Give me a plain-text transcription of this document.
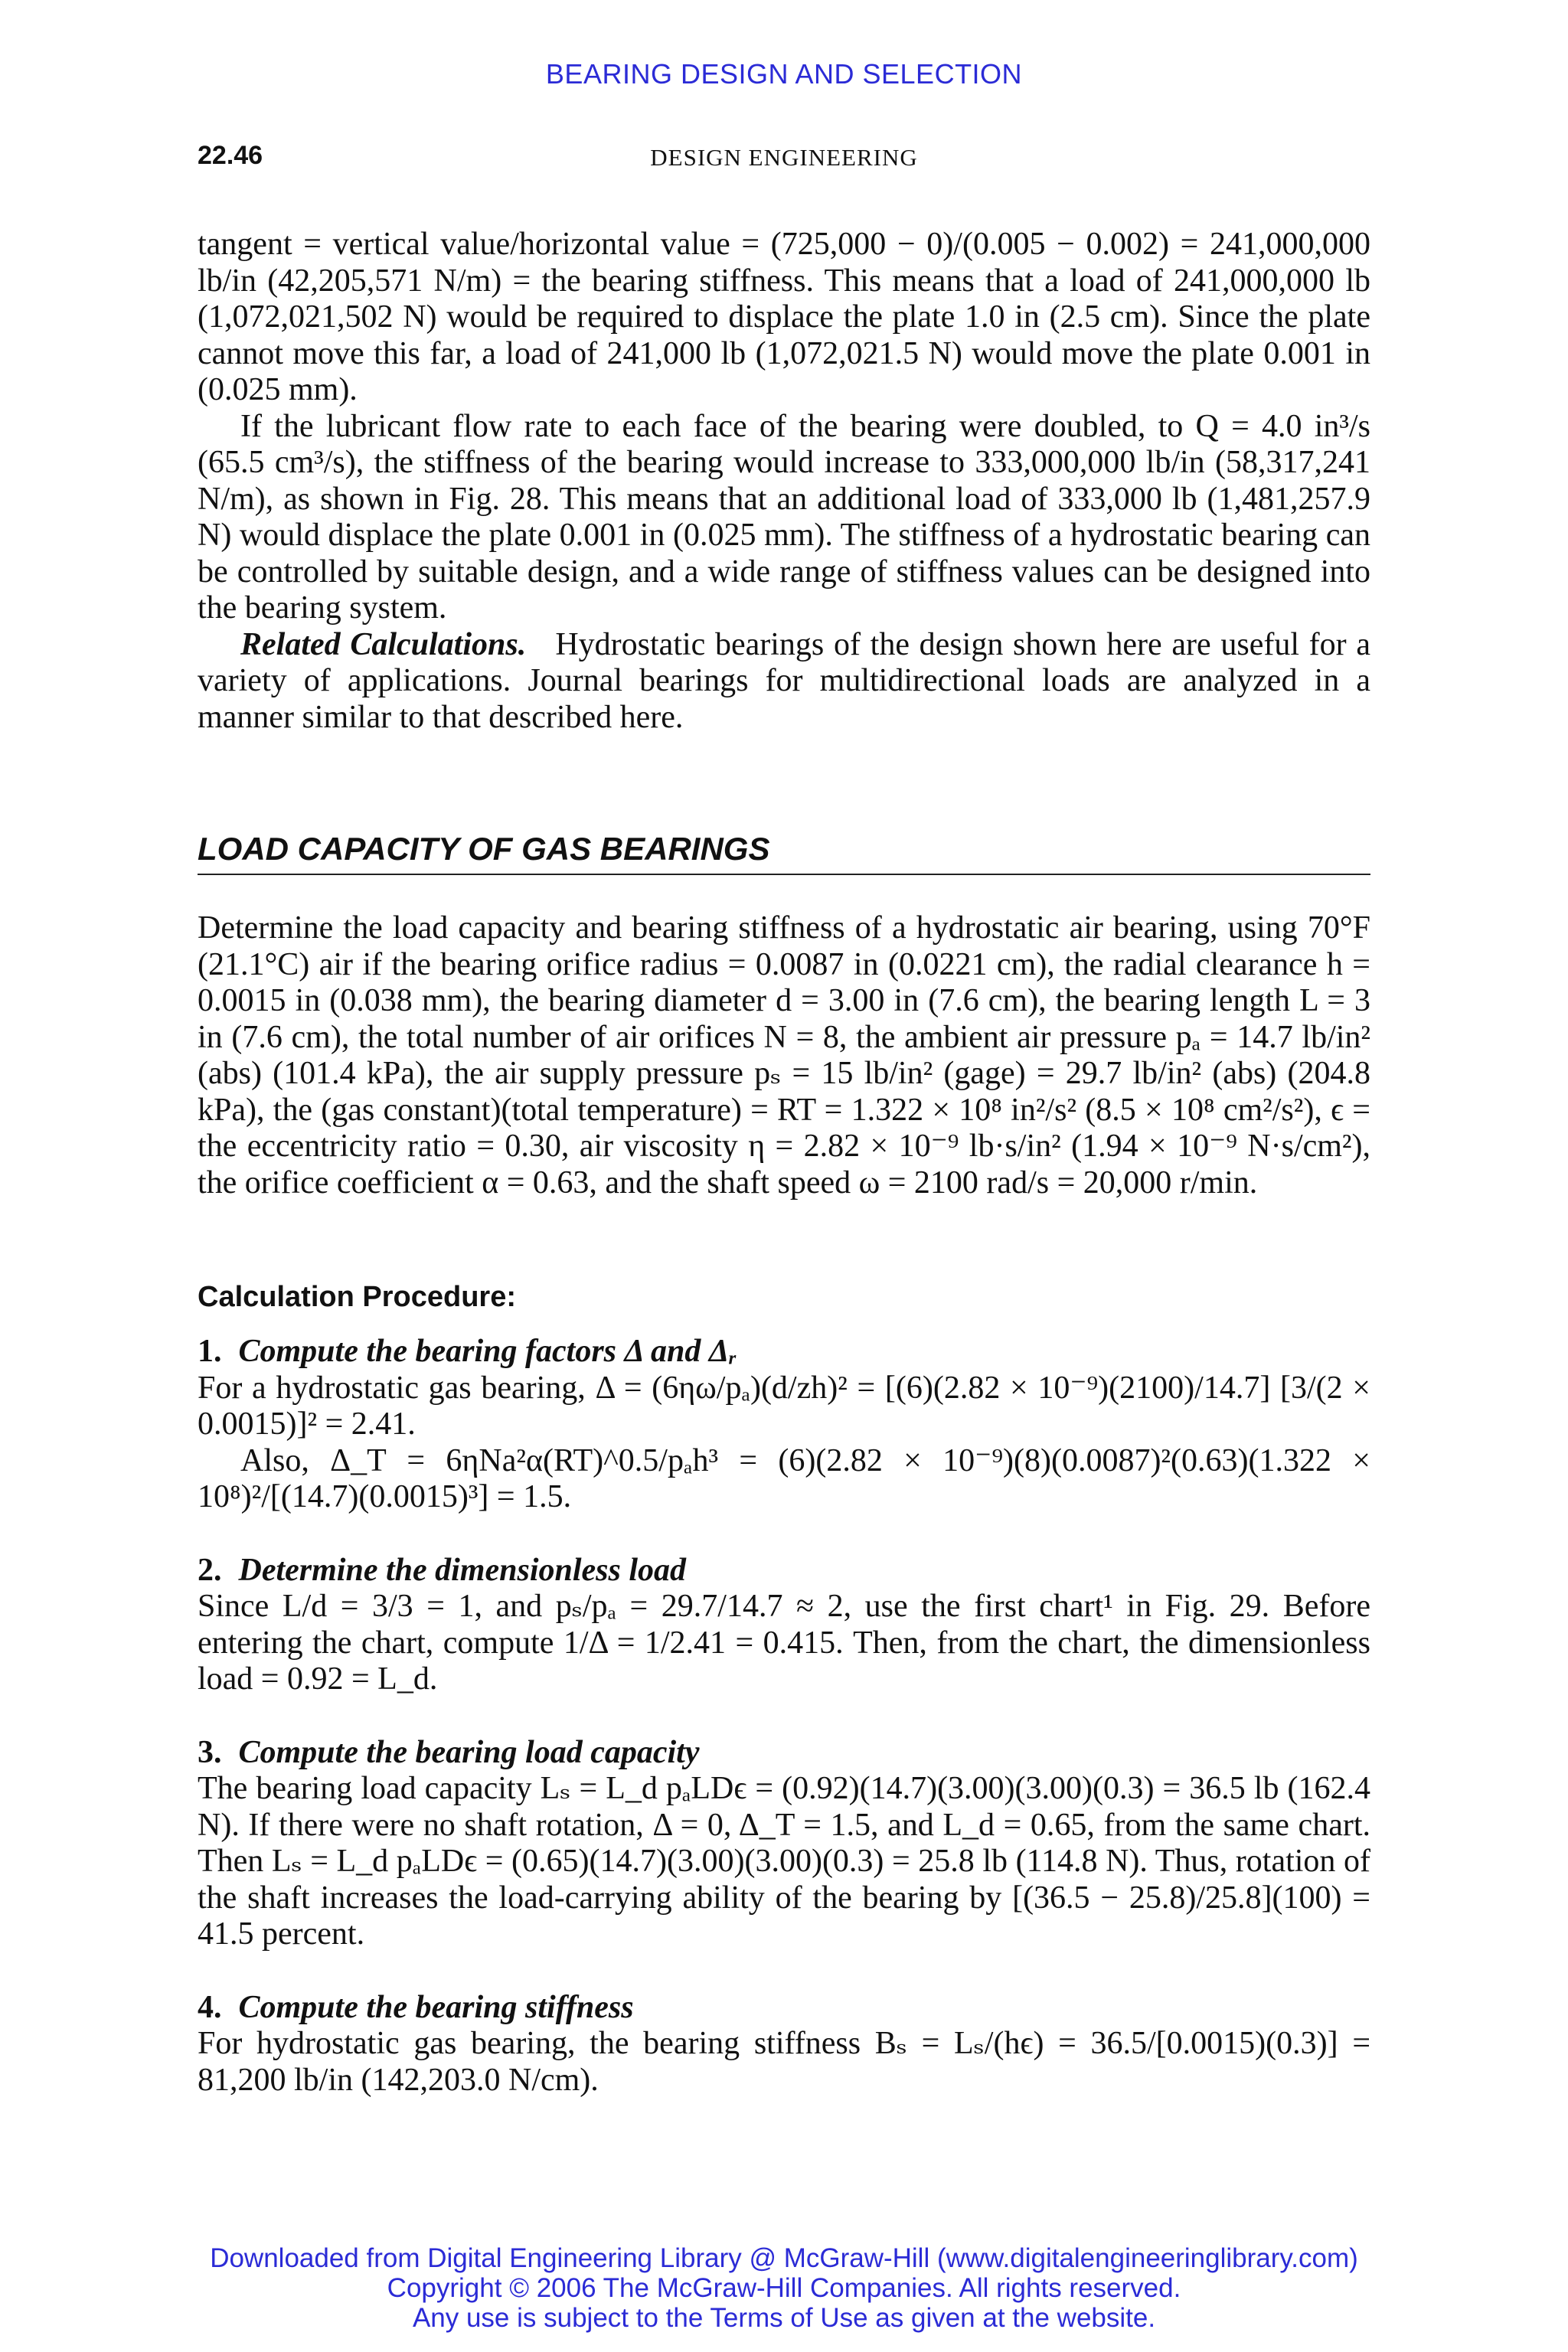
BEARING DESIGN AND SELECTION
22.46	DESIGN ENGINEERING

tangent = vertical value/horizontal value = (725,000 − 0)/(0.005 − 0.002) = 241,000,000 lb/in (42,205,571 N/m) = the bearing stiffness. This means that a load of 241,000,000 lb (1,072,021,502 N) would be required to displace the plate 1.0 in (2.5 cm). Since the plate cannot move this far, a load of 241,000 lb (1,072,021.5 N) would move the plate 0.001 in (0.025 mm).

If the lubricant flow rate to each face of the bearing were doubled, to Q = 4.0 in³/s (65.5 cm³/s), the stiffness of the bearing would increase to 333,000,000 lb/in (58,317,241 N/m), as shown in Fig. 28. This means that an additional load of 333,000 lb (1,481,257.9 N) would displace the plate 0.001 in (0.025 mm). The stiffness of a hydrostatic bearing can be controlled by suitable design, and a wide range of stiffness values can be designed into the bearing system.

Related Calculations. Hydrostatic bearings of the design shown here are useful for a variety of applications. Journal bearings for multidirectional loads are analyzed in a manner similar to that described here.

LOAD CAPACITY OF GAS BEARINGS

Determine the load capacity and bearing stiffness of a hydrostatic air bearing, using 70°F (21.1°C) air if the bearing orifice radius = 0.0087 in (0.0221 cm), the radial clearance h = 0.0015 in (0.038 mm), the bearing diameter d = 3.00 in (7.6 cm), the bearing length L = 3 in (7.6 cm), the total number of air orifices N = 8, the ambient air pressure pₐ = 14.7 lb/in² (abs) (101.4 kPa), the air supply pressure pₛ = 15 lb/in² (gage) = 29.7 lb/in² (abs) (204.8 kPa), the (gas constant)(total temperature) = RT = 1.322 × 10⁸ in²/s² (8.5 × 10⁸ cm²/s²), ϵ = the eccentricity ratio = 0.30, air viscosity η = 2.82 × 10⁻⁹ lb·s/in² (1.94 × 10⁻⁹ N·s/cm²), the orifice coefficient α = 0.63, and the shaft speed ω = 2100 rad/s = 20,000 r/min.

Calculation Procedure:
1. Compute the bearing factors Δ and Δᵣ

For a hydrostatic gas bearing, Δ = (6ηω/pₐ)(d/zh)² = [(6)(2.82 × 10⁻⁹)(2100)/14.7] [3/(2 × 0.0015)]² = 2.41.

Also, Δ_T = 6ηNa²α(RT)^0.5/pₐh³ = (6)(2.82 × 10⁻⁹)(8)(0.0087)²(0.63)(1.322 × 10⁸)²/[(14.7)(0.0015)³] = 1.5.

2. Determine the dimensionless load

Since L/d = 3/3 = 1, and pₛ/pₐ = 29.7/14.7 ≈ 2, use the first chart¹ in Fig. 29. Before entering the chart, compute 1/Δ = 1/2.41 = 0.415. Then, from the chart, the dimensionless load = 0.92 = L_d.

3. Compute the bearing load capacity

The bearing load capacity Lₛ = L_d pₐLDϵ = (0.92)(14.7)(3.00)(3.00)(0.3) = 36.5 lb (162.4 N). If there were no shaft rotation, Δ = 0, Δ_T = 1.5, and L_d = 0.65, from the same chart. Then Lₛ = L_d pₐLDϵ = (0.65)(14.7)(3.00)(3.00)(0.3) = 25.8 lb (114.8 N). Thus, rotation of the shaft increases the load-carrying ability of the bearing by [(36.5 − 25.8)/25.8](100) = 41.5 percent.

4. Compute the bearing stiffness

For hydrostatic gas bearing, the bearing stiffness Bₛ = Lₛ/(hϵ) = 36.5/[0.0015)(0.3)] = 81,200 lb/in (142,203.0 N/cm).

Downloaded from Digital Engineering Library @ McGraw-Hill (www.digitalengineeringlibrary.com)
Copyright © 2006 The McGraw-Hill Companies. All rights reserved.
Any use is subject to the Terms of Use as given at the website.
